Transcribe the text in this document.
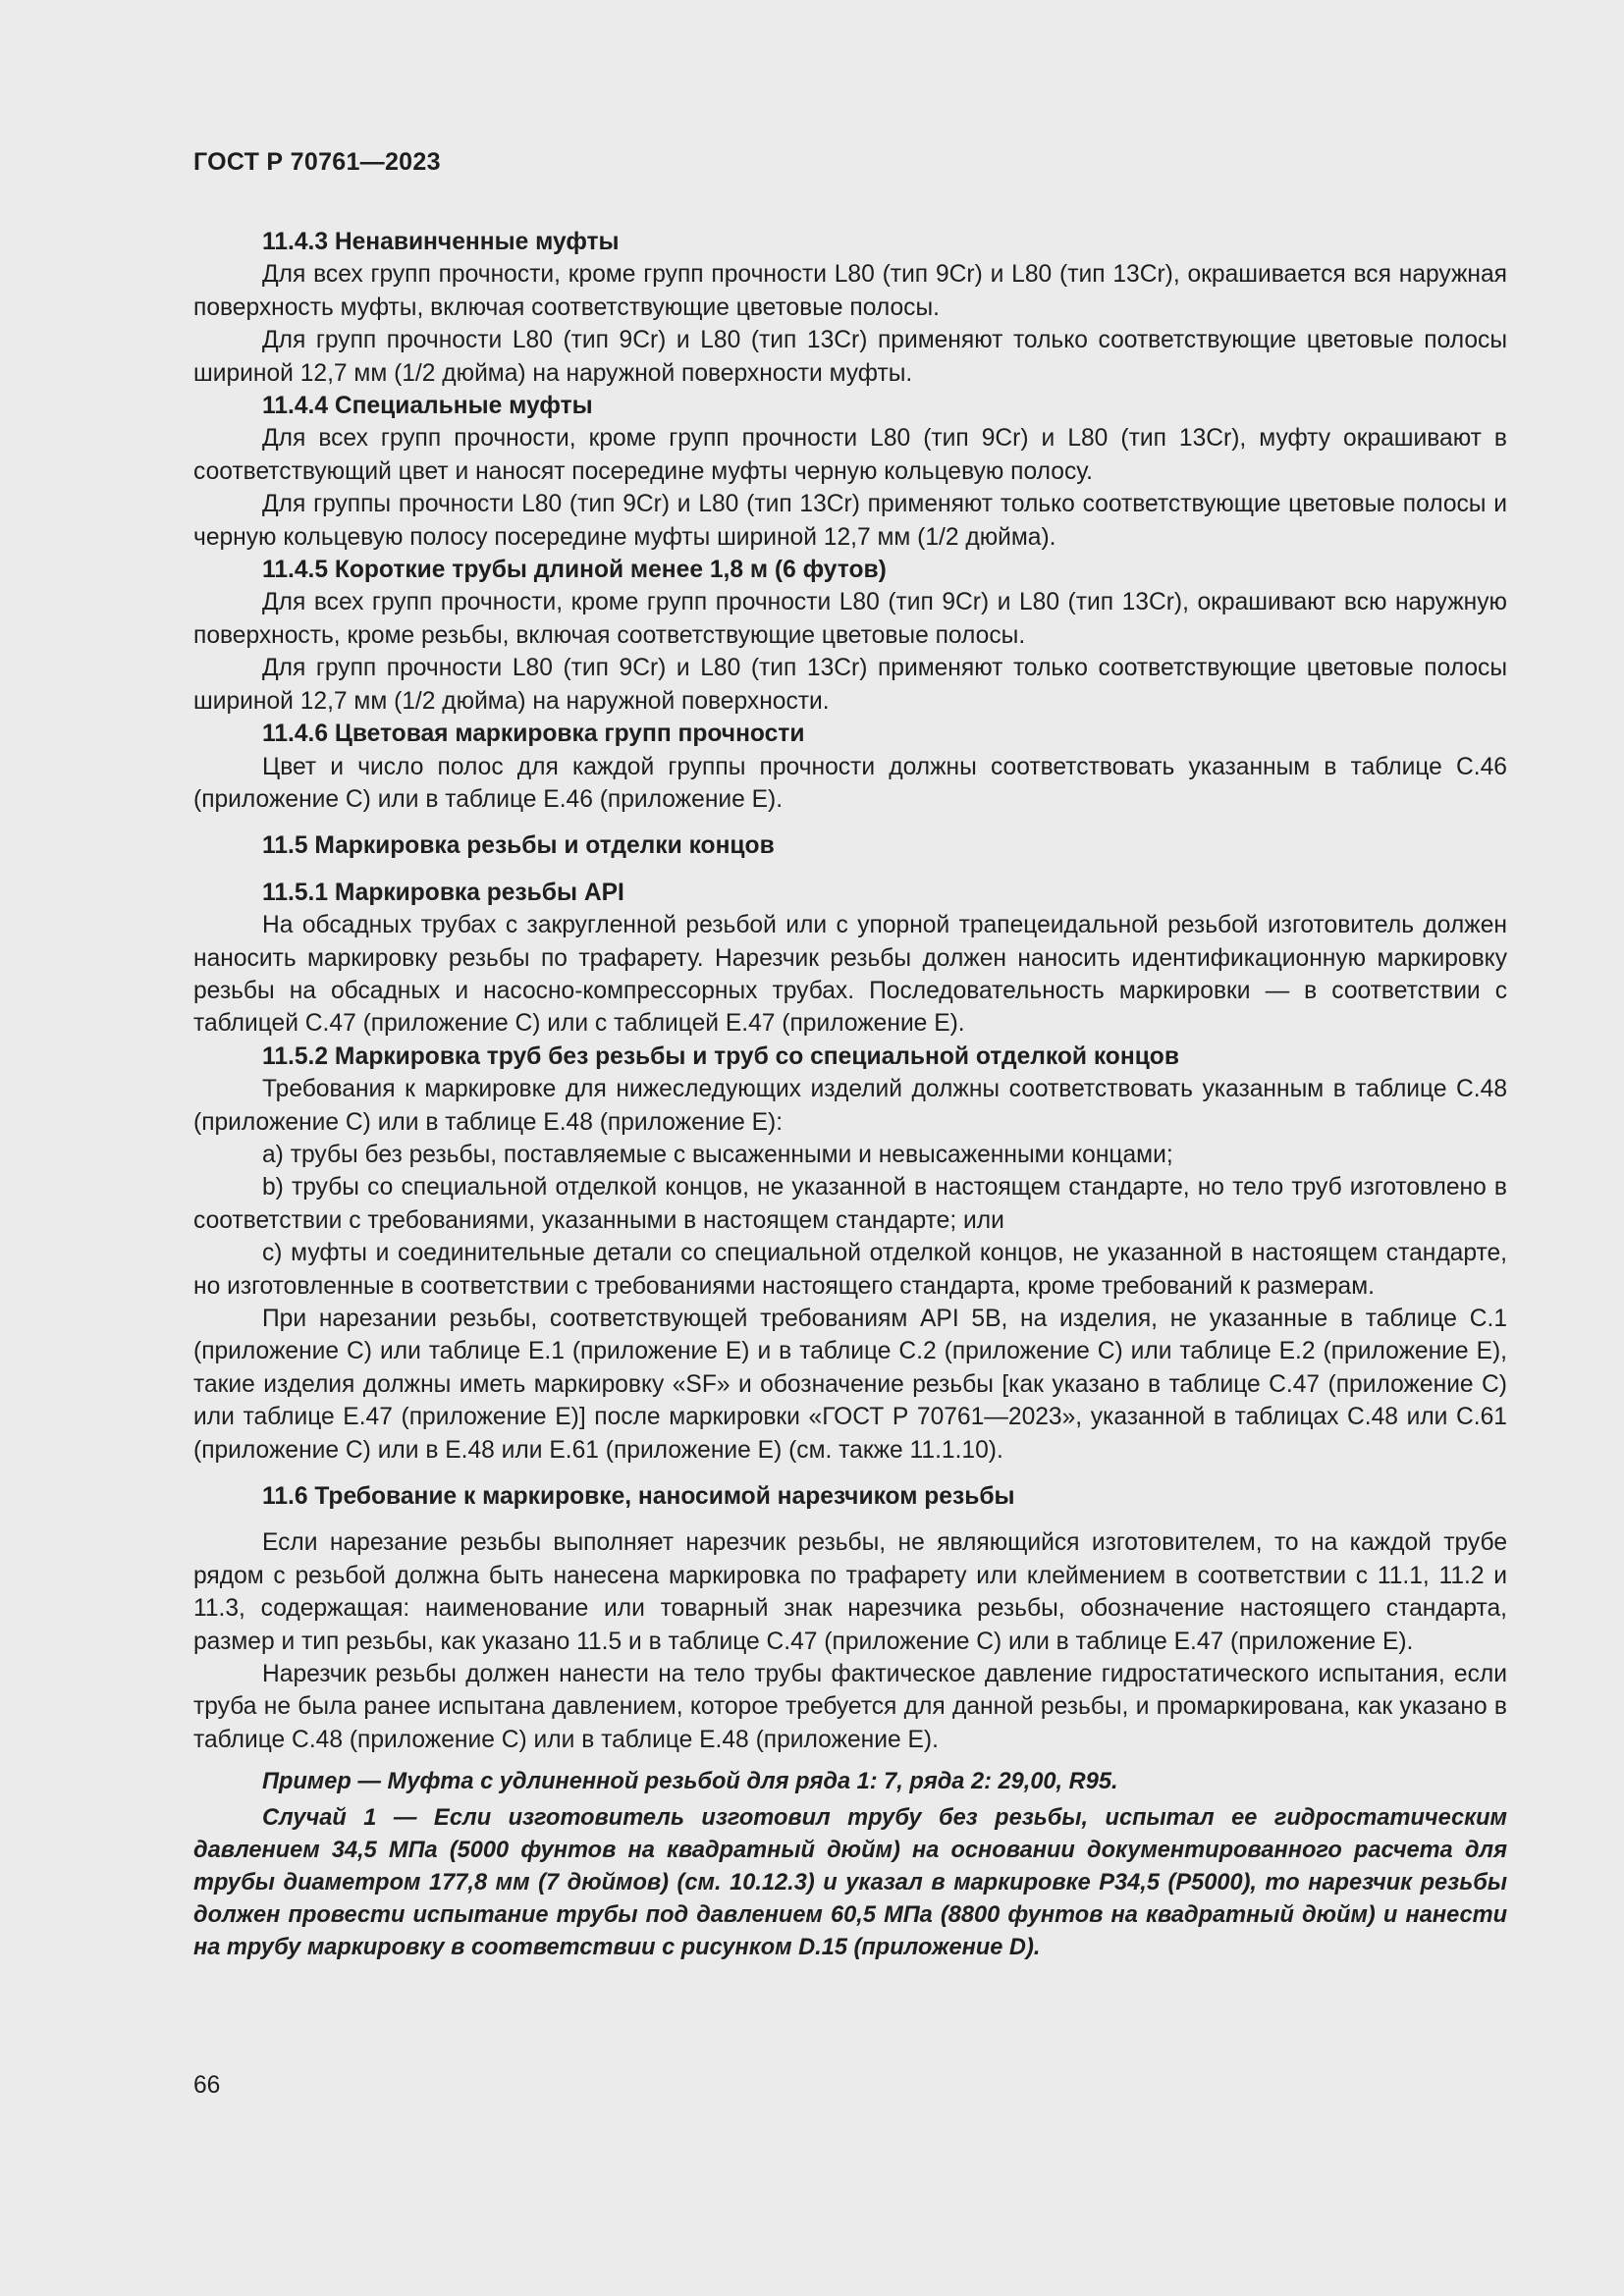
ГОСТ Р 70761—2023
11.4.3 Ненавинченные муфты

Для всех групп прочности, кроме групп прочности L80 (тип 9Cr) и L80 (тип 13Cr), окрашивается вся наружная поверхность муфты, включая соответствующие цветовые полосы.

Для групп прочности L80 (тип 9Cr) и L80 (тип 13Cr) применяют только соответствующие цветовые полосы шириной 12,7 мм (1/2 дюйма) на наружной поверхности муфты.

11.4.4 Специальные муфты

Для всех групп прочности, кроме групп прочности L80 (тип 9Cr) и L80 (тип 13Cr), муфту окрашивают в соответствующий цвет и наносят посередине муфты черную кольцевую полосу.

Для группы прочности L80 (тип 9Cr) и L80 (тип 13Cr) применяют только соответствующие цветовые полосы и черную кольцевую полосу посередине муфты шириной 12,7 мм (1/2 дюйма).

11.4.5 Короткие трубы длиной менее 1,8 м (6 футов)

Для всех групп прочности, кроме групп прочности L80 (тип 9Cr) и L80 (тип 13Cr), окрашивают всю наружную поверхность, кроме резьбы, включая соответствующие цветовые полосы.

Для групп прочности L80 (тип 9Cr) и L80 (тип 13Cr) применяют только соответствующие цветовые полосы шириной 12,7 мм (1/2 дюйма) на наружной поверхности.

11.4.6 Цветовая маркировка групп прочности

Цвет и число полос для каждой группы прочности должны соответствовать указанным в таблице C.46 (приложение C) или в таблице E.46 (приложение E).

11.5 Маркировка резьбы и отделки концов
11.5.1 Маркировка резьбы API

На обсадных трубах с закругленной резьбой или с упорной трапецеидальной резьбой изготовитель должен наносить маркировку резьбы по трафарету. Нарезчик резьбы должен наносить идентификационную маркировку резьбы на обсадных и насосно-компрессорных трубах. Последовательность маркировки — в соответствии с таблицей C.47 (приложение C) или с таблицей E.47 (приложение E).

11.5.2 Маркировка труб без резьбы и труб со специальной отделкой концов

Требования к маркировке для нижеследующих изделий должны соответствовать указанным в таблице C.48 (приложение C) или в таблице E.48 (приложение E):

a) трубы без резьбы, поставляемые с высаженными и невысаженными концами;

b) трубы со специальной отделкой концов, не указанной в настоящем стандарте, но тело труб изготовлено в соответствии с требованиями, указанными в настоящем стандарте; или

c) муфты и соединительные детали со специальной отделкой концов, не указанной в настоящем стандарте, но изготовленные в соответствии с требованиями настоящего стандарта, кроме требований к размерам.

При нарезании резьбы, соответствующей требованиям API 5B, на изделия, не указанные в таблице C.1 (приложение C) или таблице E.1 (приложение E) и в таблице C.2 (приложение C) или таблице E.2 (приложение E), такие изделия должны иметь маркировку «SF» и обозначение резьбы [как указано в таблице C.47 (приложение C) или таблице E.47 (приложение E)] после маркировки «ГОСТ Р 70761—2023», указанной в таблицах C.48 или C.61 (приложение C) или в E.48 или E.61 (приложение E) (см. также 11.1.10).

11.6 Требование к маркировке, наносимой нарезчиком резьбы

Если нарезание резьбы выполняет нарезчик резьбы, не являющийся изготовителем, то на каждой трубе рядом с резьбой должна быть нанесена маркировка по трафарету или клеймением в соответствии с 11.1, 11.2 и 11.3, содержащая: наименование или товарный знак нарезчика резьбы, обозначение настоящего стандарта, размер и тип резьбы, как указано 11.5 и в таблице C.47 (приложение C) или в таблице E.47 (приложение E).

Нарезчик резьбы должен нанести на тело трубы фактическое давление гидростатического испытания, если труба не была ранее испытана давлением, которое требуется для данной резьбы, и промаркирована, как указано в таблице C.48 (приложение C) или в таблице E.48 (приложение E).

Пример — Муфта с удлиненной резьбой для ряда 1: 7, ряда 2: 29,00, R95.

Случай 1 — Если изготовитель изготовил трубу без резьбы, испытал ее гидростатическим давлением 34,5 МПа (5000 фунтов на квадратный дюйм) на основании документированного расчета для трубы диаметром 177,8 мм (7 дюймов) (см. 10.12.3) и указал в маркировке P34,5 (P5000), то нарезчик резьбы должен провести испытание трубы под давлением 60,5 МПа (8800 фунтов на квадратный дюйм) и нанести на трубу маркировку в соответствии с рисунком D.15 (приложение D).

66
